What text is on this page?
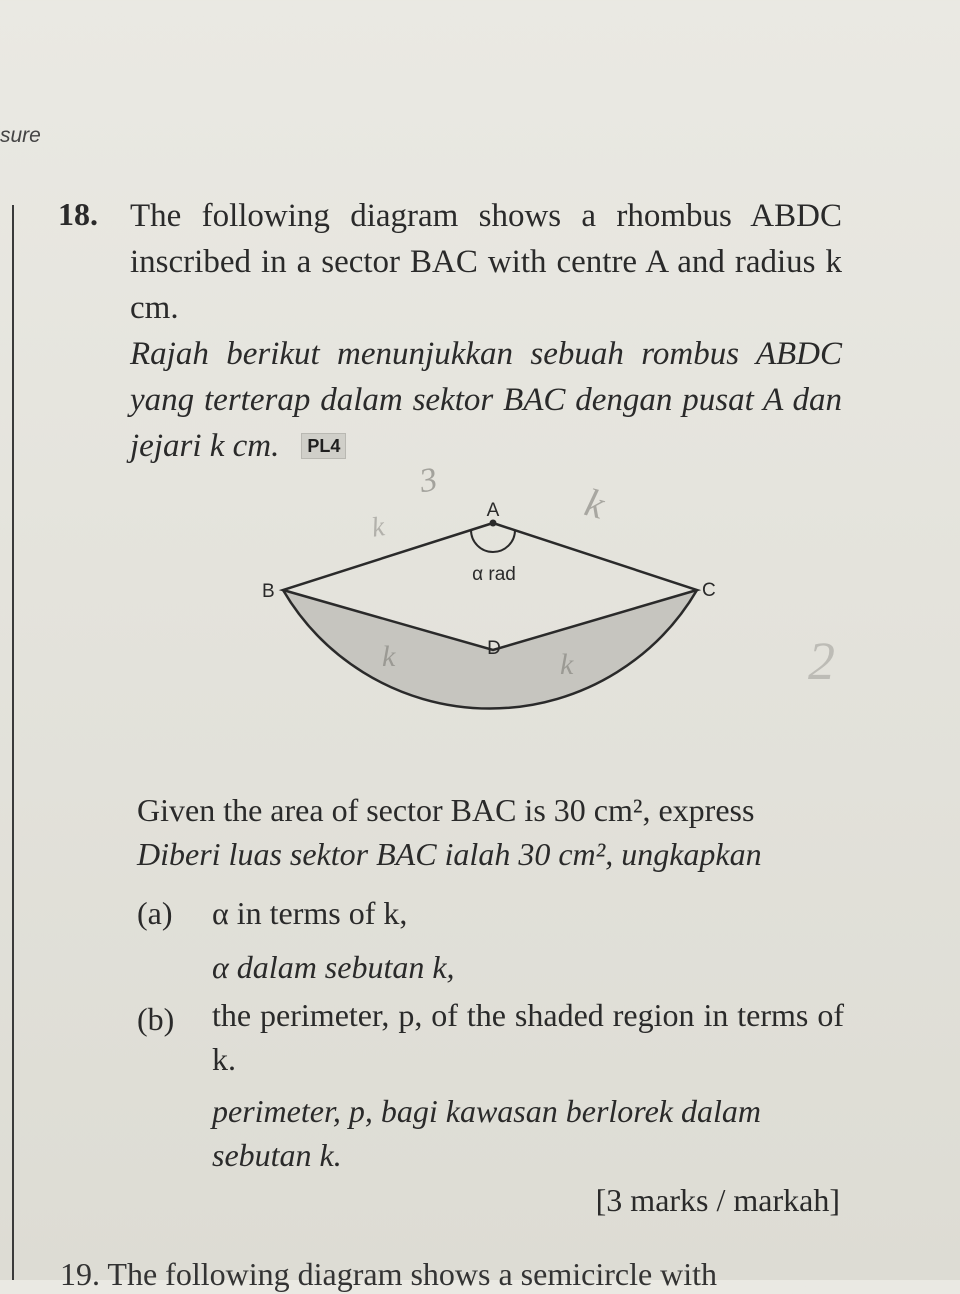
sure
18. The following diagram shows a rhombus ABDC inscribed in a sector BAC with centre A and radius k cm.

Rajah berikut menunjukkan sebuah rombus ABDC yang terterap dalam sektor BAC dengan pusat A dan jejari k cm. PL4

A
B	C
D
α rad

Given the area of sector BAC is 30 cm², express

Diberi luas sektor BAC ialah 30 cm², ungkapkan

(a) α in terms of k,

α dalam sebutan k,

(b) the perimeter, p, of the shaded region in terms of k.

perimeter, p, bagi kawasan berlorek dalam sebutan k.

[3 marks / markah]
19. The following diagram shows a semicircle with
3	k
k
k	k	2
